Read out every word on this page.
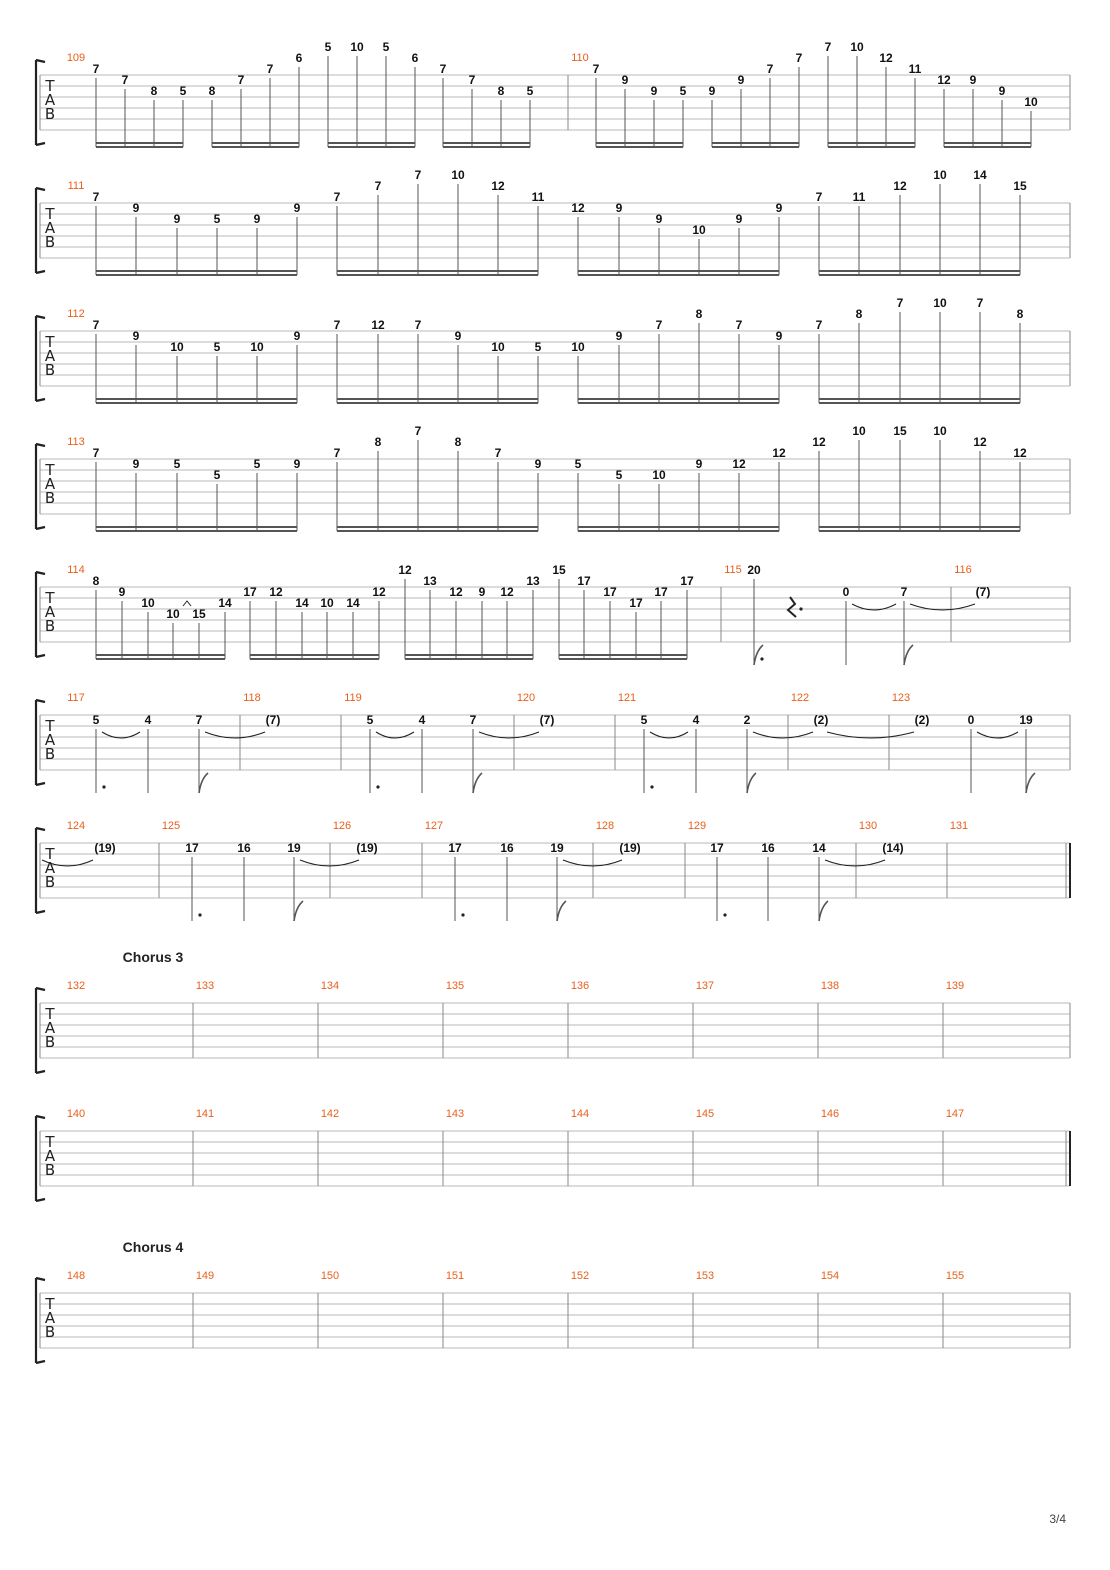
T
A
B
109	110
7
7
8 5 8
7
7
6
5 10 5
6
7
7
8 5
7
9
9 5 9
9
7
7
7 10
12
11
12 9
9
10
T
A
B
111
7
9
9	5	9
9
7
7
7 10
12
11
12	9
9
10
9
9
7	11
12
10 14
15
T
A
B
112
7
9
10 5 10
9
7	12 7
9
10 5 10
9
7
8
7
9
7
8
7 10 7
8
T
A
B
113
7
9	5
5
5	9
7
8
7
8
7
9	5
5 10
9 12
12
12
10 15 10
12
12
T
A
B
114	115	116
8
9
10
10 15
14
17 12
14 10 14
12
12
13
12 9 12
13
15
17
17
17
17
17
20
0	7	(7)
T
A
B
117	118	119	120	121	122	123
5	4	7	(7)	5	4	7	(7)	5	4	2	(2)	(2)	0	19
T
A
B
124	125	126	127	128	129	130	131
(19)	17	16	19	(19)	17	16	19	(19)	17	16	14	(14)
T
A
B
132	133	134	135	136	137	138	139
T
A
B
140	141	142	143	144	145	146	147
T
A
B
148	149	150	151	152	153	154	155
Chorus 3
Chorus 4
3/4
